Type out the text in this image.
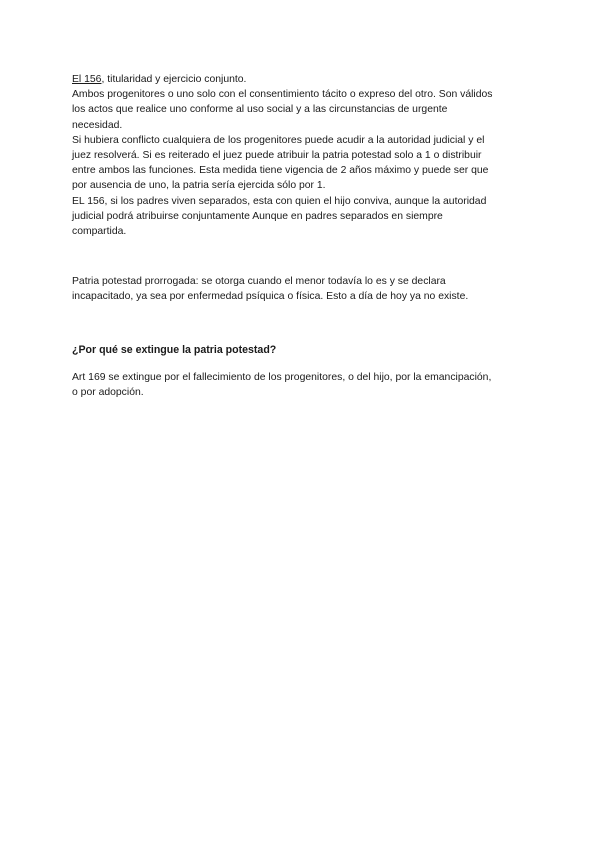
El 156, titularidad y ejercicio conjunto.
Ambos progenitores o uno solo con el consentimiento tácito o expreso del otro. Son válidos
los actos que realice uno conforme al uso social y a las circunstancias de urgente
necesidad.
Si hubiera conflicto cualquiera de los progenitores puede acudir a la autoridad judicial y el
juez resolverá. Si es reiterado el juez puede atribuir la patria potestad solo a 1 o distribuir
entre ambos las funciones. Esta medida tiene vigencia de 2 años máximo y puede ser que
por ausencia de uno, la patria sería ejercida sólo por 1.
EL 156, si los padres viven separados, esta con quien el hijo conviva, aunque la autoridad
judicial podrá atribuirse conjuntamente Aunque en padres separados en siempre
compartida.
Patria potestad prorrogada: se otorga cuando el menor todavía lo es y se declara
incapacitado, ya sea por enfermedad psíquica o física. Esto a día de hoy ya no existe.
¿Por qué se extingue la patria potestad?
Art 169 se extingue por el fallecimiento de los progenitores, o del hijo, por la emancipación,
o por adopción.
